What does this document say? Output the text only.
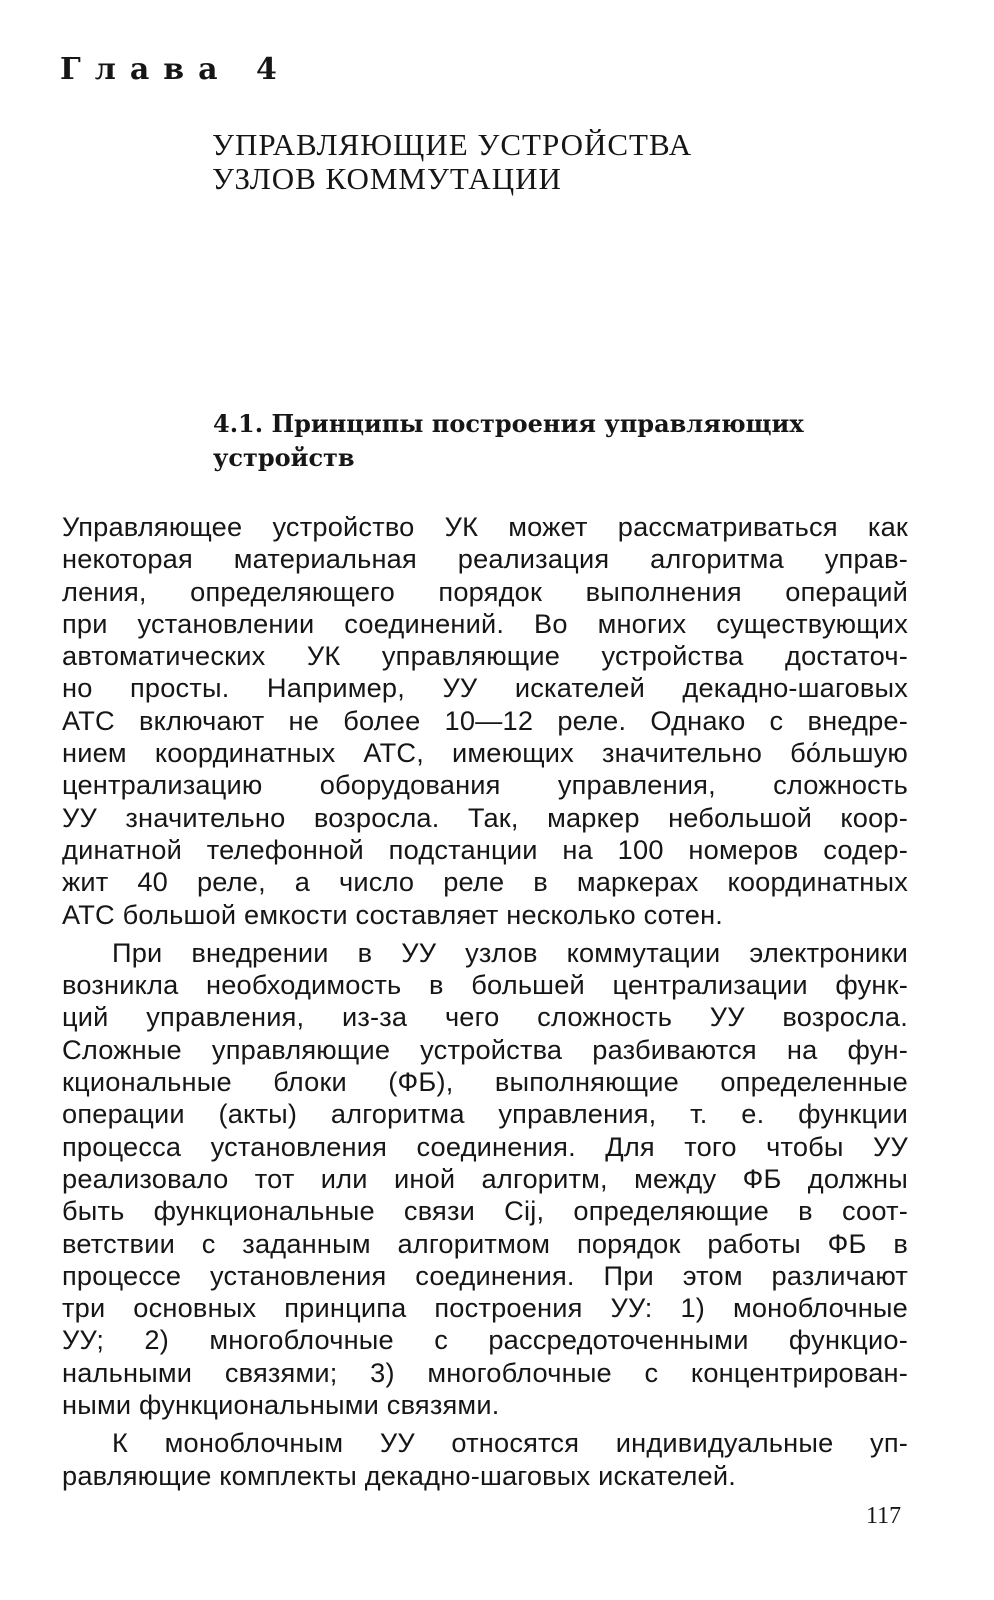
Глава 4
УПРАВЛЯЮЩИЕ УСТРОЙСТВА
УЗЛОВ КОММУТАЦИИ
4.1. Принципы построения управляющих
устройств
Управляющее устройство УК может рассматриваться как
некоторая материальная реализация алгоритма управ-
ления, определяющего порядок выполнения операций
при установлении соединений. Во многих существующих
автоматических УК управляющие устройства достаточ-
но просты. Например, УУ искателей декадно-шаговых
АТС включают не более 10—12 реле. Однако с внедре-
нием координатных АТС, имеющих значительно бо́льшую
централизацию оборудования управления, сложность
УУ значительно возросла. Так, маркер небольшой коор-
динатной телефонной подстанции на 100 номеров содер-
жит 40 реле, а число реле в маркерах координатных
АТС большой емкости составляет несколько сотен.
При внедрении в УУ узлов коммутации электроники
возникла необходимость в большей централизации функ-
ций управления, из-за чего сложность УУ возросла.
Сложные управляющие устройства разбиваются на фун-
кциональные блоки (ФБ), выполняющие определенные
операции (акты) алгоритма управления, т. е. функции
процесса установления соединения. Для того чтобы УУ
реализовало тот или иной алгоритм, между ФБ должны
быть функциональные связи Cij, определяющие в соот-
ветствии с заданным алгоритмом порядок работы ФБ в
процессе установления соединения. При этом различают
три основных принципа построения УУ: 1) моноблочные
УУ; 2) многоблочные с рассредоточенными функцио-
нальными связями; 3) многоблочные с концентрирован-
ными функциональными связями.
К моноблочным УУ относятся индивидуальные уп-
равляющие комплекты декадно-шаговых искателей.
117
